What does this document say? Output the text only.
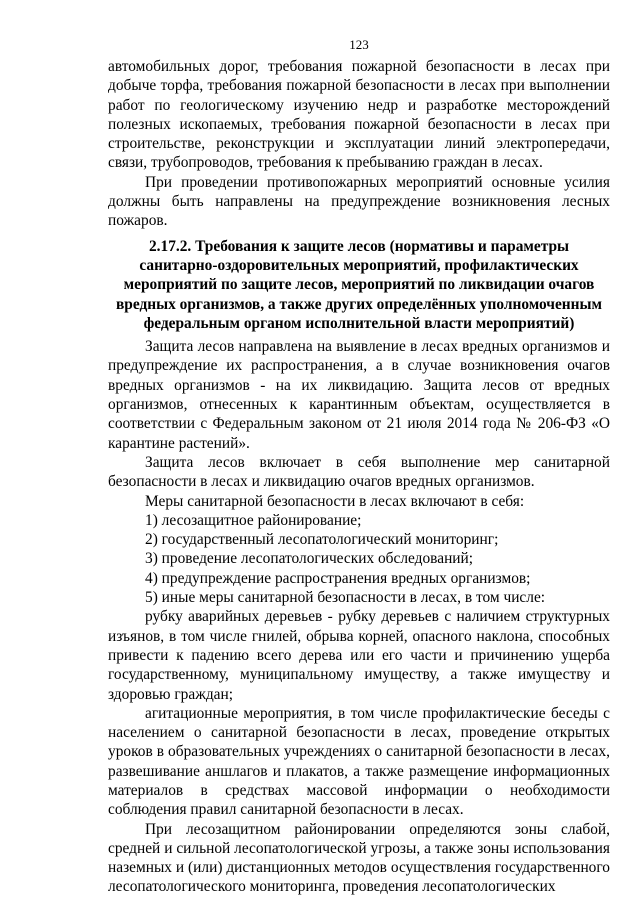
123

автомобильных дорог, требования пожарной безопасности в лесах при добыче торфа, требования пожарной безопасности в лесах при выполнении работ по геологическому изучению недр и разработке месторождений полезных ископаемых, требования пожарной безопасности в лесах при строительстве, реконструкции и эксплуатации линий электропередачи, связи, трубопроводов, требования к пребыванию граждан в лесах.

При проведении противопожарных мероприятий основные усилия должны быть направлены на предупреждение возникновения лесных пожаров.

2.17.2. Требования к защите лесов (нормативы и параметры санитарно-оздоровительных мероприятий, профилактических мероприятий по защите лесов, мероприятий по ликвидации очагов вредных организмов, а также других определённых уполномоченным федеральным органом исполнительной власти мероприятий)

Защита лесов направлена на выявление в лесах вредных организмов и предупреждение их распространения, а в случае возникновения очагов вредных организмов - на их ликвидацию. Защита лесов от вредных организмов, отнесенных к карантинным объектам, осуществляется в соответствии с Федеральным законом от 21 июля 2014 года № 206-ФЗ «О карантине растений».

Защита лесов включает в себя выполнение мер санитарной безопасности в лесах и ликвидацию очагов вредных организмов.

Меры санитарной безопасности в лесах включают в себя:

1) лесозащитное районирование;

2) государственный лесопатологический мониторинг;

3) проведение лесопатологических обследований;

4) предупреждение распространения вредных организмов;

5) иные меры санитарной безопасности в лесах, в том числе:

рубку аварийных деревьев - рубку деревьев с наличием структурных изъянов, в том числе гнилей, обрыва корней, опасного наклона, способных привести к падению всего дерева или его части и причинению ущерба государственному, муниципальному имуществу, а также имуществу и здоровью граждан;

агитационные мероприятия, в том числе профилактические беседы с населением о санитарной безопасности в лесах, проведение открытых уроков в образовательных учреждениях о санитарной безопасности в лесах, развешивание аншлагов и плакатов, а также размещение информационных материалов в средствах массовой информации о необходимости соблюдения правил санитарной безопасности в лесах.

При лесозащитном районировании определяются зоны слабой, средней и сильной лесопатологической угрозы, а также зоны использования наземных и (или) дистанционных методов осуществления государственного лесопатологического мониторинга, проведения лесопатологических
